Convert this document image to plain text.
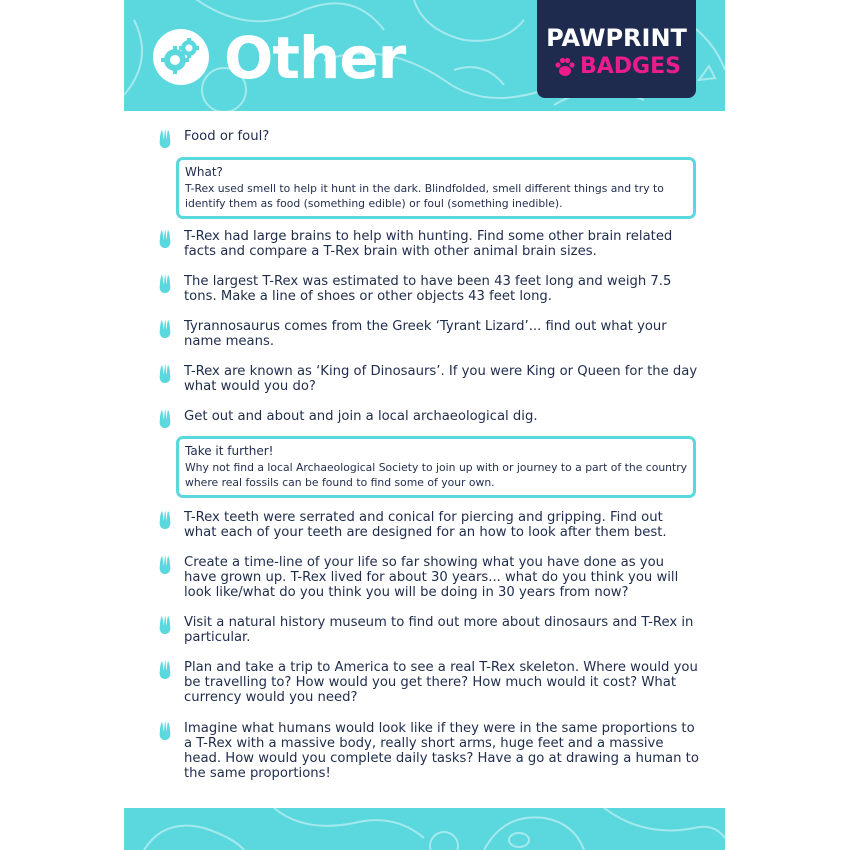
Other	PAWPRINT
BADGES
Food or foul?
What?
T-Rex used smell to help it hunt in the dark. Blindfolded, smell different things and try to identify them as food (something edible) or foul (something inedible).
T-Rex had large brains to help with hunting. Find some other brain related facts and compare a T-Rex brain with other animal brain sizes.
The largest T-Rex was estimated to have been 43 feet long and weigh 7.5 tons. Make a line of shoes or other objects 43 feet long.
Tyrannosaurus comes from the Greek ‘Tyrant Lizard’... find out what your name means.
T-Rex are known as ‘King of Dinosaurs’. If you were King or Queen for the day what would you do?
Get out and about and join a local archaeological dig.
Take it further!
Why not find a local Archaeological Society to join up with or journey to a part of the country where real fossils can be found to find some of your own.
T-Rex teeth were serrated and conical for piercing and gripping. Find out what each of your teeth are designed for an how to look after them best.
Create a time-line of your life so far showing what you have done as you have grown up. T-Rex lived for about 30 years... what do you think you will look like/what do you think you will be doing in 30 years from now?
Visit a natural history museum to find out more about dinosaurs and T-Rex in particular.
Plan and take a trip to America to see a real T-Rex skeleton. Where would you be travelling to? How would you get there? How much would it cost? What currency would you need?
Imagine what humans would look like if they were in the same proportions to a T-Rex with a massive body, really short arms, huge feet and a massive head. How would you complete daily tasks? Have a go at drawing a human to the same proportions!
